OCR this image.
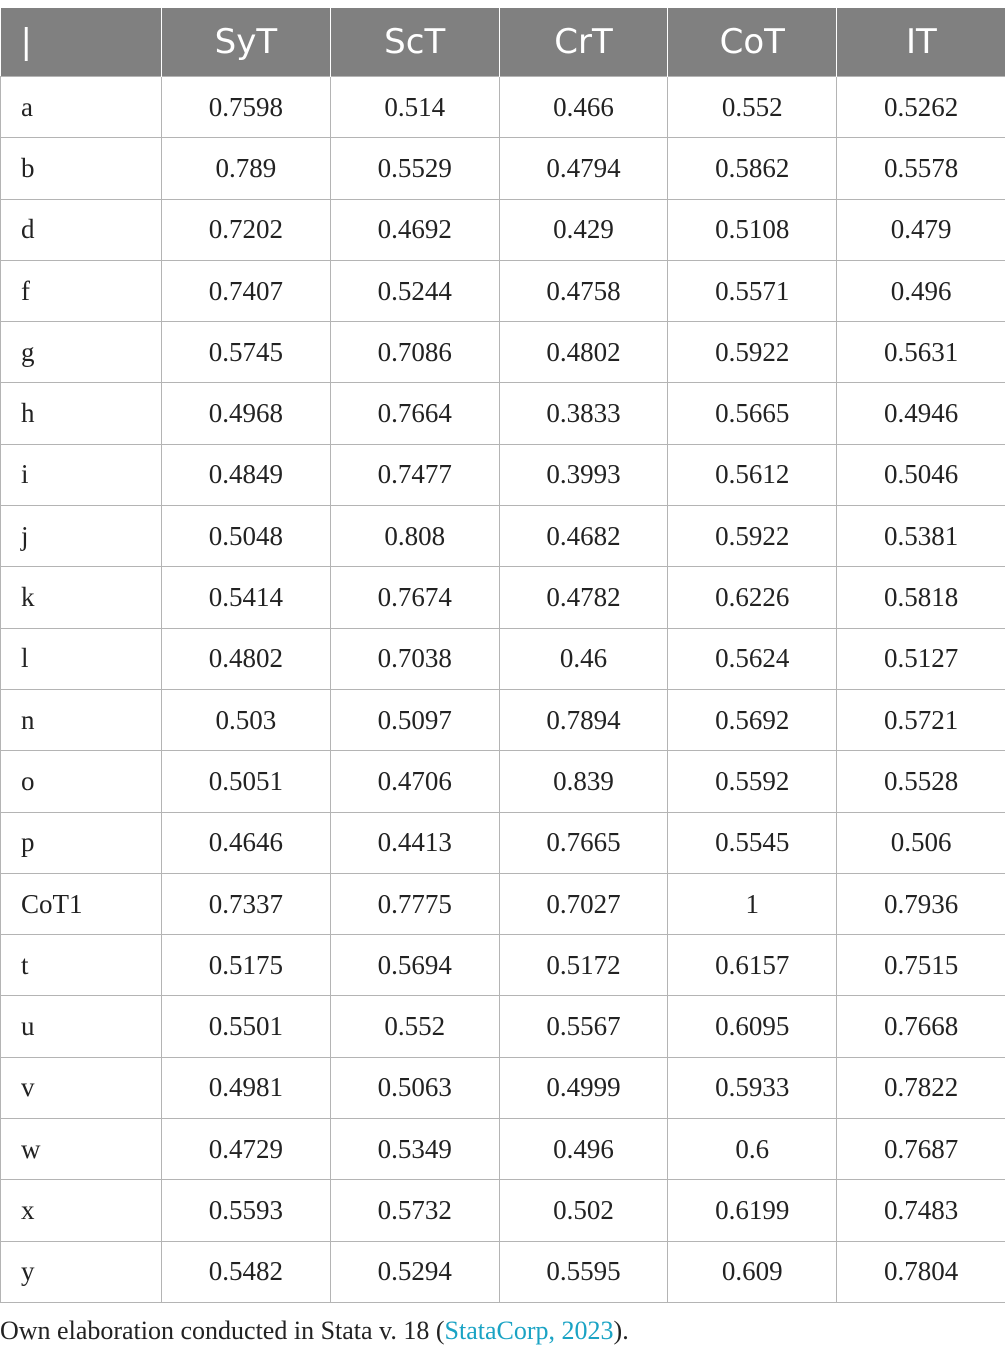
|	SyT	ScT	CrT	CoT	IT
a	0.7598	0.514	0.466	0.552	0.5262
b	0.789	0.5529	0.4794	0.5862	0.5578
d	0.7202	0.4692	0.429	0.5108	0.479
f	0.7407	0.5244	0.4758	0.5571	0.496
g	0.5745	0.7086	0.4802	0.5922	0.5631
h	0.4968	0.7664	0.3833	0.5665	0.4946
i	0.4849	0.7477	0.3993	0.5612	0.5046
j	0.5048	0.808	0.4682	0.5922	0.5381
k	0.5414	0.7674	0.4782	0.6226	0.5818
l	0.4802	0.7038	0.46	0.5624	0.5127
n	0.503	0.5097	0.7894	0.5692	0.5721
o	0.5051	0.4706	0.839	0.5592	0.5528
p	0.4646	0.4413	0.7665	0.5545	0.506
CoT1	0.7337	0.7775	0.7027	1	0.7936
t	0.5175	0.5694	0.5172	0.6157	0.7515
u	0.5501	0.552	0.5567	0.6095	0.7668
v	0.4981	0.5063	0.4999	0.5933	0.7822
w	0.4729	0.5349	0.496	0.6	0.7687
x	0.5593	0.5732	0.502	0.6199	0.7483
y	0.5482	0.5294	0.5595	0.609	0.7804
Own elaboration conducted in Stata v. 18 (StataCorp, 2023).
